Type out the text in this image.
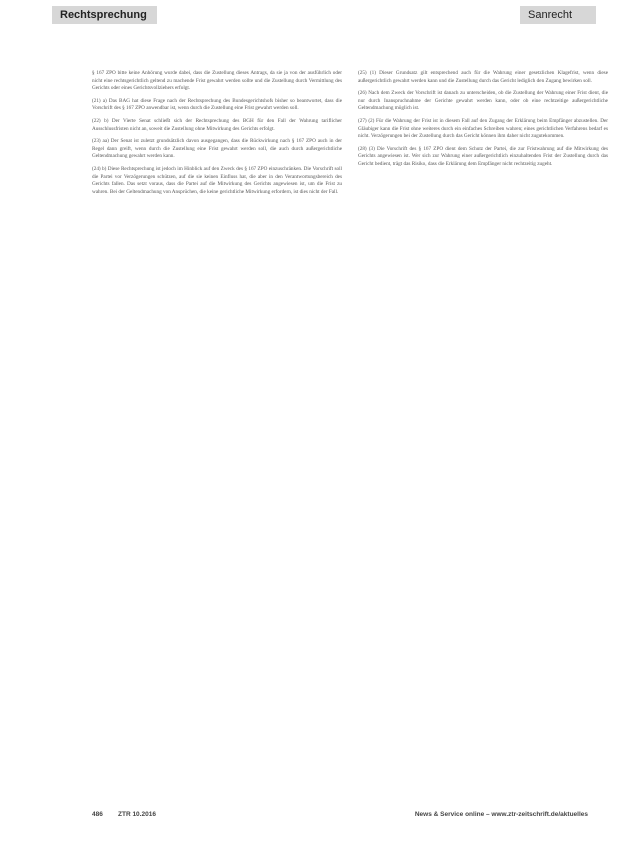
Rechtsprechung	Sanrecht

§ 167 ZPO bitte keine Anhörung wurde dabei, dass die Zustellung dieses Antrags, da sie ja von der ausführlich oder nicht eine rechtsgerichtlich geltend zu machende Frist gewahrt werden sollte und die Zustellung durch Vermittlung des Gerichts oder eines Gerichtsvollziehers erfolgt.

(21) a) Das BAG hat diese Frage nach der Rechtsprechung des Bundesgerichtshofs bisher so beantwortet, dass die Vorschrift des § 167 ZPO anwendbar ist, wenn durch die Zustellung eine Frist gewahrt werden soll.

(22) b) Der Vierte Senat schließt sich der Rechtsprechung des BGH für den Fall der Wahrung tariflicher Ausschlussfristen nicht an, soweit die Zustellung ohne Mitwirkung des Gerichts erfolgt.

(23) aa) Der Senat ist zuletzt grundsätzlich davon ausgegangen, dass die Rückwirkung nach § 167 ZPO auch in der Regel dann greift, wenn durch die Zustellung eine Frist gewahrt werden soll, die auch durch außergerichtliche Geltendmachung gewahrt werden kann.

(24) b) Diese Rechtsprechung ist jedoch im Hinblick auf den Zweck des § 167 ZPO einzuschränken. Die Vorschrift soll die Partei vor Verzögerungen schützen, auf die sie keinen Einfluss hat, die aber in den Verantwortungsbereich des Gerichts fallen. Das setzt voraus, dass die Partei auf die Mitwirkung des Gerichts angewiesen ist, um die Frist zu wahren. Bei der Geltendmachung von Ansprüchen, die keine gerichtliche Mitwirkung erfordern, ist dies nicht der Fall.

(25) (1) Dieser Grundsatz gilt entsprechend auch für die Wahrung einer gesetzlichen Klagefrist, wenn diese außergerichtlich gewahrt werden kann und die Zustellung durch das Gericht lediglich den Zugang bewirken soll.

(26) Nach dem Zweck der Vorschrift ist danach zu unterscheiden, ob die Zustellung der Wahrung einer Frist dient, die nur durch Inanspruchnahme der Gerichte gewahrt werden kann, oder ob eine rechtzeitige außergerichtliche Geltendmachung möglich ist.

(27) (2) Für die Wahrung der Frist ist in diesem Fall auf den Zugang der Erklärung beim Empfänger abzustellen. Der Gläubiger kann die Frist ohne weiteres durch ein einfaches Schreiben wahren; eines gerichtlichen Verfahrens bedarf es nicht. Verzögerungen bei der Zustellung durch das Gericht können ihm daher nicht zugutekommen.

(28) (3) Die Vorschrift des § 167 ZPO dient dem Schutz der Partei, die zur Fristwahrung auf die Mitwirkung des Gerichts angewiesen ist. Wer sich zur Wahrung einer außergerichtlich einzuhaltenden Frist der Zustellung durch das Gericht bedient, trägt das Risiko, dass die Erklärung dem Empfänger nicht rechtzeitig zugeht.

486 ZTR 10.2016	News & Service online – www.ztr-zeitschrift.de/aktuelles
